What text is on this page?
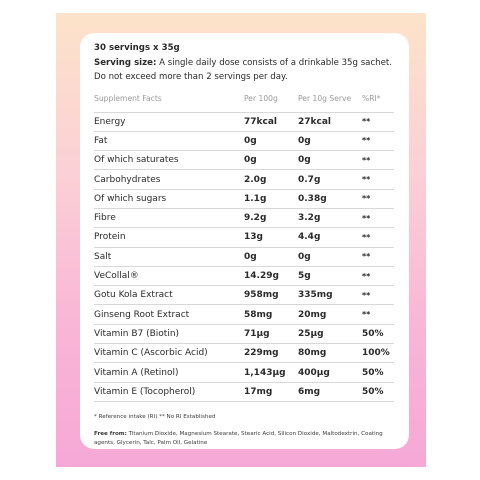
30 servings x 35g
Serving size: A single daily dose consists of a drinkable 35g sachet.
Do not exceed more than 2 servings per day.
Supplement Facts	Per 100g	Per 10g Serve	%RI*
Energy	77kcal	27kcal	**
Fat	0g	0g	**
Of which saturates	0g	0g	**
Carbohydrates	2.0g	0.7g	**
Of which sugars	1.1g	0.38g	**
Fibre	9.2g	3.2g	**
Protein	13g	4.4g	**
Salt	0g	0g	**
VeCollal®	14.29g	5g	**
Gotu Kola Extract	958mg	335mg	**
Ginseng Root Extract	58mg	20mg	**
Vitamin B7 (Biotin)	71µg	25µg	50%
Vitamin C (Ascorbic Acid)	229mg	80mg	100%
Vitamin A (Retinol)	1,143µg	400µg	50%
Vitamin E (Tocopherol)	17mg	6mg	50%
* Reference intake (RI) ** No RI Established
Free from: Titanium Dioxide, Magnesium Stearate, Stearic Acid, Silicon Dioxide, Maltodextrin, Coating agents, Glycerin, Talc, Palm Oil, Gelatine
